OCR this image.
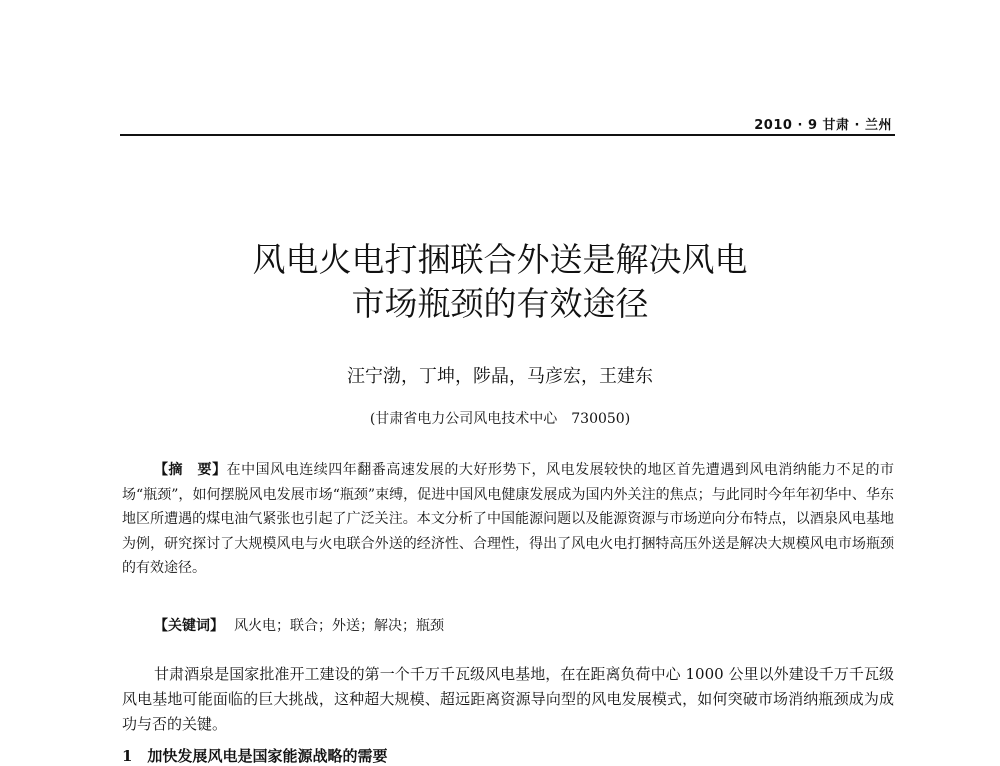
2010 · 9 甘肃 · 兰州
风电火电打捆联合外送是解决风电
市场瓶颈的有效途径
汪宁渤，丁坤，陟晶，马彦宏，王建东
(甘肃省电力公司风电技术中心　730050)

【摘　要】在中国风电连续四年翻番高速发展的大好形势下，风电发展较快的地区首先遭遇到风电消纳能力不足的市场“瓶颈”，如何摆脱风电发展市场“瓶颈”束缚，促进中国风电健康发展成为国内外关注的焦点；与此同时今年年初华中、华东地区所遭遇的煤电油气紧张也引起了广泛关注。本文分析了中国能源问题以及能源资源与市场逆向分布特点，以酒泉风电基地为例，研究探讨了大规模风电与火电联合外送的经济性、合理性，得出了风电火电打捆特高压外送是解决大规模风电市场瓶颈的有效途径。

【关键词】 风火电；联合；外送；解决；瓶颈

甘肃酒泉是国家批准开工建设的第一个千万千瓦级风电基地，在在距离负荷中心 1000 公里以外建设千万千瓦级风电基地可能面临的巨大挑战，这种超大规模、超远距离资源导向型的风电发展模式，如何突破市场消纳瓶颈成为成功与否的关键。

1　加快发展风电是国家能源战略的需要
